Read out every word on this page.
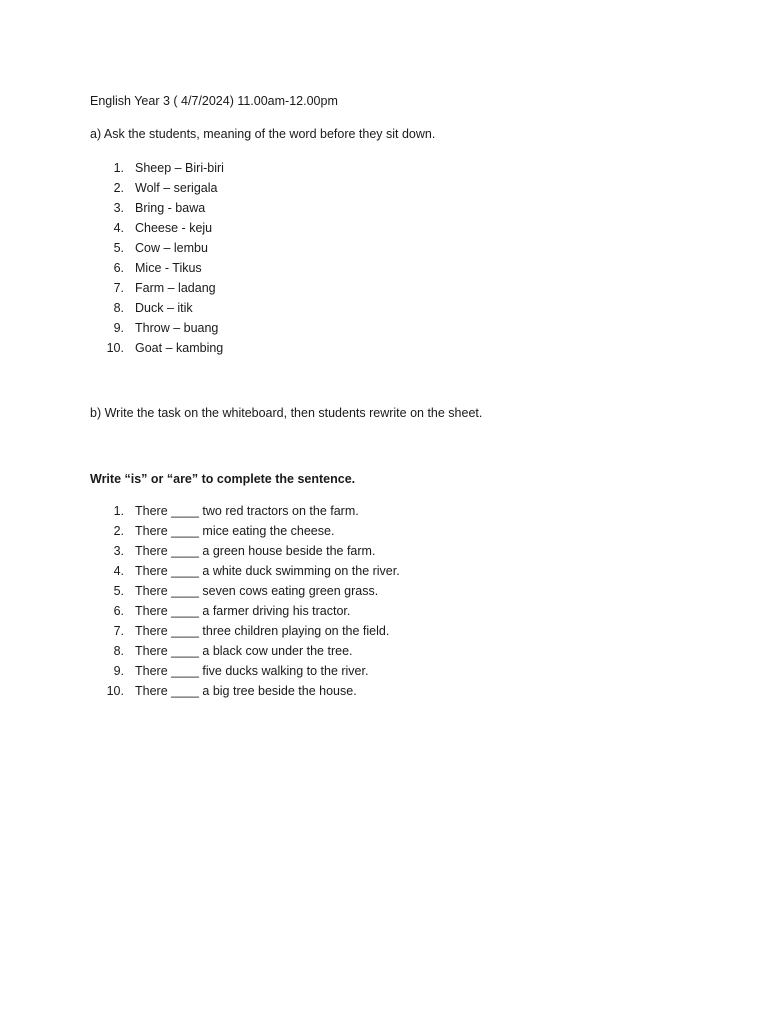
English Year 3 ( 4/7/2024) 11.00am-12.00pm
a) Ask the students, meaning of the word before they sit down.
1. Sheep – Biri-biri
2. Wolf – serigala
3. Bring - bawa
4. Cheese - keju
5. Cow – lembu
6. Mice - Tikus
7. Farm – ladang
8. Duck – itik
9. Throw – buang
10. Goat – kambing
b) Write the task on the whiteboard, then students rewrite on the sheet.
Write “is” or “are” to complete the sentence.
1. There ____ two red tractors on the farm.
2. There ____ mice eating the cheese.
3. There ____ a green house beside the farm.
4. There ____ a white duck swimming on the river.
5. There ____ seven cows eating green grass.
6. There ____ a farmer driving his tractor.
7. There ____ three children playing on the field.
8. There ____ a black cow under the tree.
9. There ____ five ducks walking to the river.
10. There ____ a big tree beside the house.
